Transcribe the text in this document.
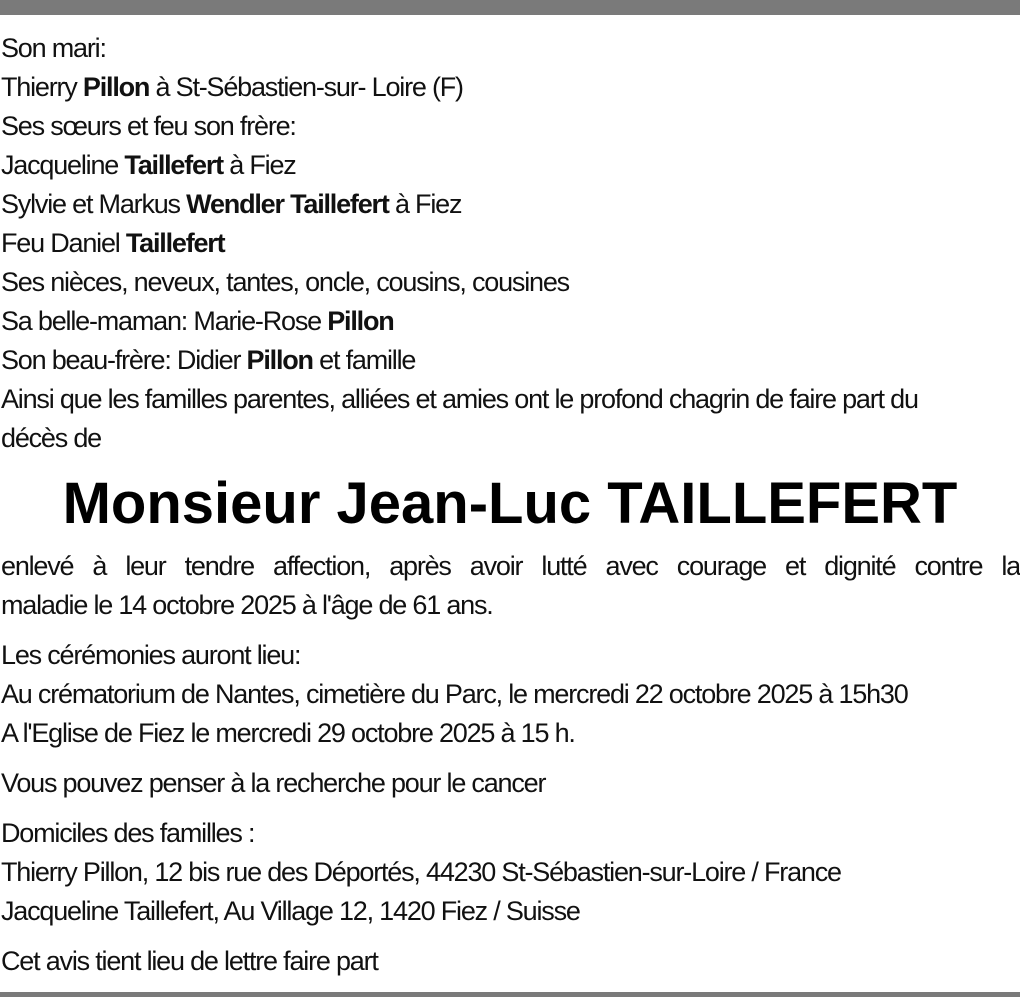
Son mari:
Thierry Pillon à St-Sébastien-sur- Loire (F)
Ses sœurs et feu son frère:
Jacqueline Taillefert à Fiez
Sylvie et Markus Wendler Taillefert à Fiez
Feu Daniel Taillefert
Ses nièces, neveux, tantes, oncle, cousins, cousines
Sa belle-maman: Marie-Rose Pillon
Son beau-frère: Didier Pillon et famille
Ainsi que les familles parentes, alliées et amies ont le profond chagrin de faire part du
décès de
Monsieur Jean-Luc TAILLEFERT
enlevé à leur tendre affection, après avoir lutté avec courage et dignité contre la
maladie le 14 octobre 2025 à l'âge de 61 ans.
Les cérémonies auront lieu:
Au crématorium de Nantes, cimetière du Parc, le mercredi 22 octobre 2025 à 15h30
A l'Eglise de Fiez le mercredi 29 octobre 2025 à 15 h.
Vous pouvez penser à la recherche pour le cancer
Domiciles des familles :
Thierry Pillon, 12 bis rue des Déportés, 44230 St-Sébastien-sur-Loire / France
Jacqueline Taillefert, Au Village 12, 1420 Fiez / Suisse
Cet avis tient lieu de lettre faire part
